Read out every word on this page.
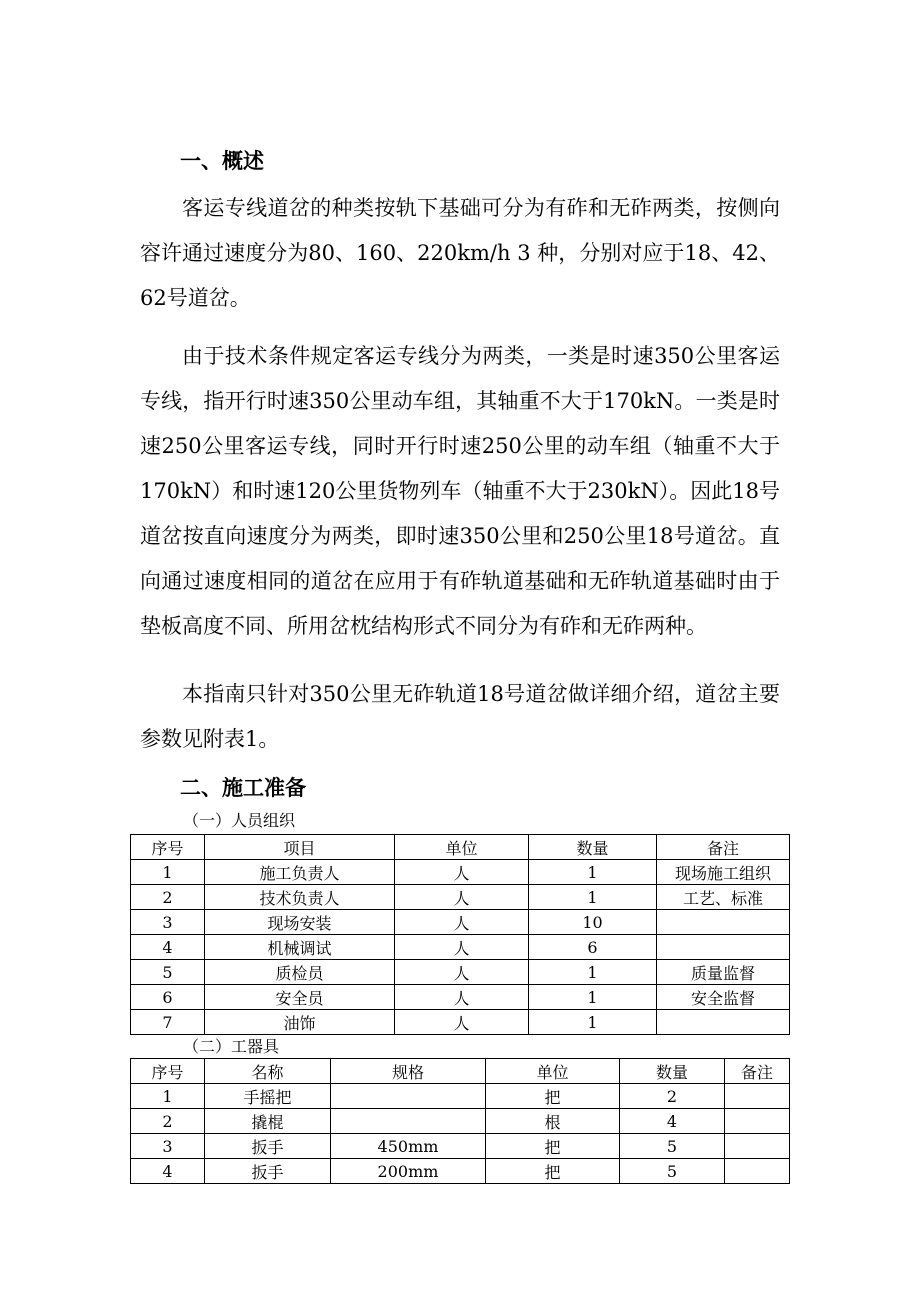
一、概述

客运专线道岔的种类按轨下基础可分为有砟和无砟两类，按侧向容许通过速度分为80、160、220km/h 3 种，分别对应于18、42、62号道岔。

由于技术条件规定客运专线分为两类，一类是时速350公里客运专线，指开行时速350公里动车组，其轴重不大于170kN。一类是时速250公里客运专线，同时开行时速250公里的动车组（轴重不大于170kN）和时速120公里货物列车（轴重不大于230kN）。因此18号道岔按直向速度分为两类，即时速350公里和250公里18号道岔。直向通过速度相同的道岔在应用于有砟轨道基础和无砟轨道基础时由于垫板高度不同、所用岔枕结构形式不同分为有砟和无砟两种。

本指南只针对350公里无砟轨道18号道岔做详细介绍，道岔主要参数见附表1。

二、施工准备

（一）人员组织

序号	项目	单位	数量	备注
1	施工负责人	人	1	现场施工组织
2	技术负责人	人	1	工艺、标准
3	现场安装	人	10	
4	机械调试	人	6	
5	质检员	人	1	质量监督
6	安全员	人	1	安全监督
7	油饰	人	1	

（二）工器具

序号	名称	规格	单位	数量	备注
1	手摇把		把	2	
2	撬棍		根	4	
3	扳手	450mm	把	5	
4	扳手	200mm	把	5	
